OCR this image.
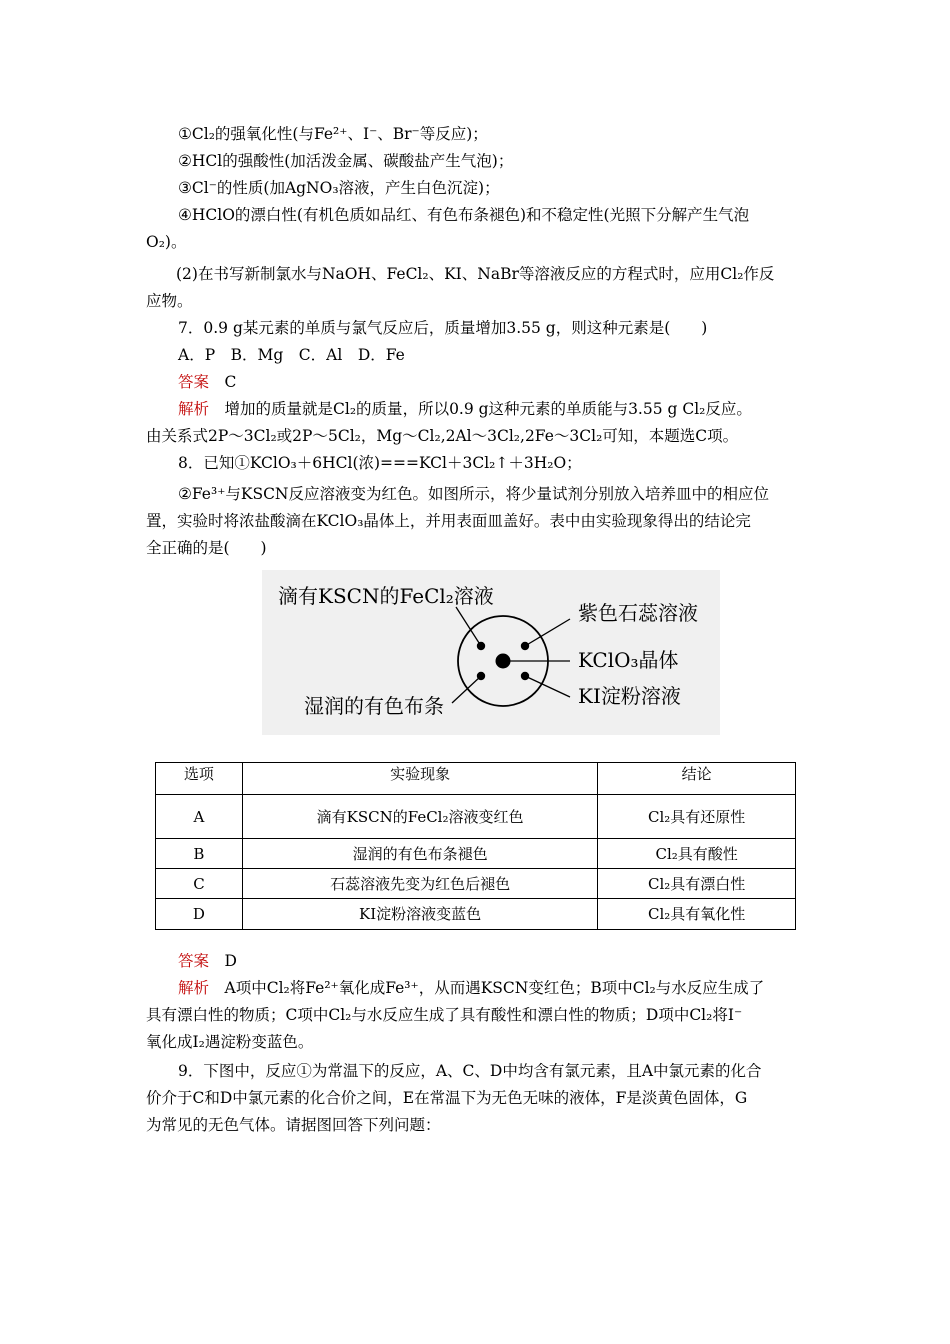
①Cl₂的强氧化性(与Fe²⁺、I⁻、Br⁻等反应)；
②HCl的强酸性(加活泼金属、碳酸盐产生气泡)；
③Cl⁻的性质(加AgNO₃溶液，产生白色沉淀)；
④HClO的漂白性(有机色质如品红、有色布条褪色)和不稳定性(光照下分解产生气泡
O₂)。
(2)在书写新制氯水与NaOH、FeCl₂、KI、NaBr等溶液反应的方程式时，应用Cl₂作反
应物。
7．0.9 g某元素的单质与氯气反应后，质量增加3.55 g，则这种元素是(　　)
A．P　B．Mg　C．Al　D．Fe
答案　 C
解析　 增加的质量就是Cl₂的质量，所以0.9 g这种元素的单质能与3.55 g Cl₂反应。
由关系式2P～3Cl₂或2P～5Cl₂，Mg～Cl₂,2Al～3Cl₂,2Fe～3Cl₂可知，本题选C项。
8．已知①KClO₃＋6HCl(浓)===KCl＋3Cl₂↑＋3H₂O；
②Fe³⁺与KSCN反应溶液变为红色。如图所示，将少量试剂分别放入培养皿中的相应位
置，实验时将浓盐酸滴在KClO₃晶体上，并用表面皿盖好。表中由实验现象得出的结论完
全正确的是(　　)
滴有KSCN的FeCl₂溶液
紫色石蕊溶液
KClO₃晶体
KI淀粉溶液
湿润的有色布条
选项	实验现象	结论
A	滴有KSCN的FeCl₂溶液变红色	Cl₂具有还原性
B	湿润的有色布条褪色	Cl₂具有酸性
C	石蕊溶液先变为红色后褪色	Cl₂具有漂白性
D	KI淀粉溶液变蓝色	Cl₂具有氧化性
答案　 D
解析　 A项中Cl₂将Fe²⁺氧化成Fe³⁺，从而遇KSCN变红色；B项中Cl₂与水反应生成了
具有漂白性的物质；C项中Cl₂与水反应生成了具有酸性和漂白性的物质；D项中Cl₂将I⁻
氧化成I₂遇淀粉变蓝色。
9．下图中，反应①为常温下的反应，A、C、D中均含有氯元素，且A中氯元素的化合
价介于C和D中氯元素的化合价之间，E在常温下为无色无味的液体，F是淡黄色固体，G
为常见的无色气体。请据图回答下列问题：
